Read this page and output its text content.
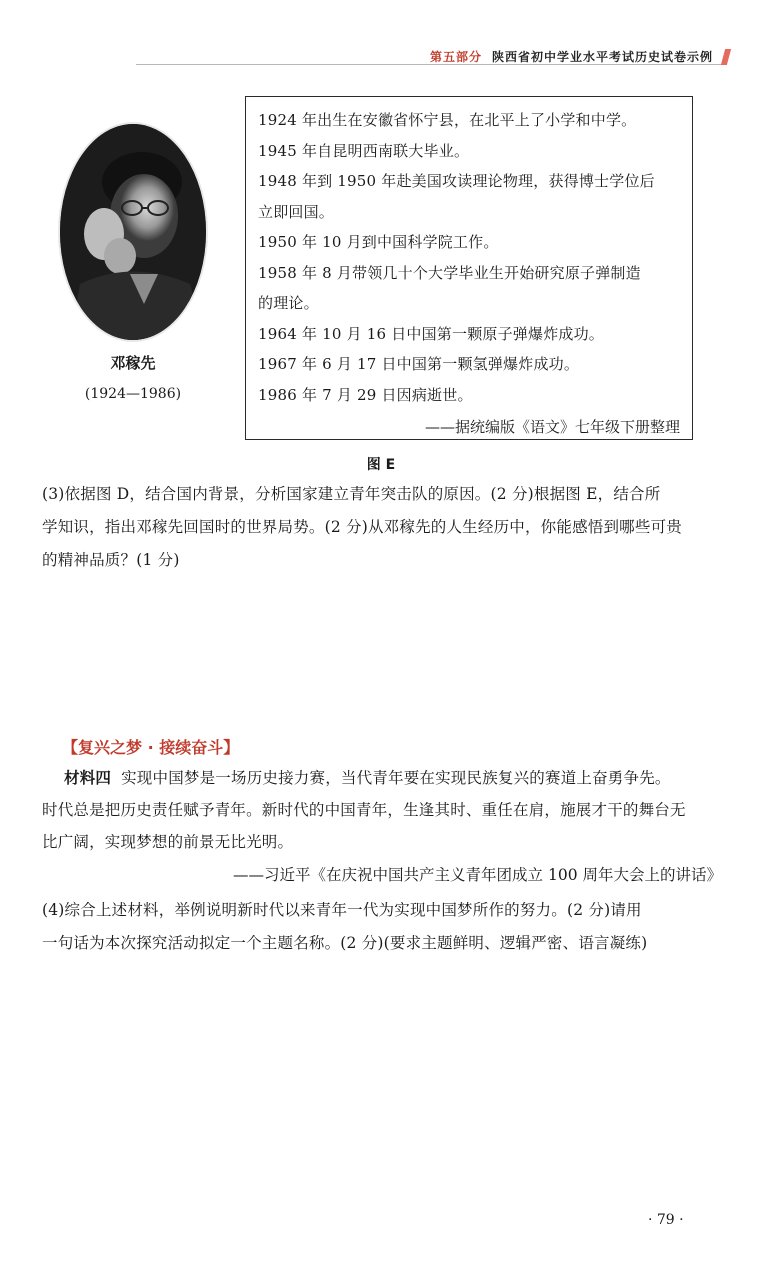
第五部分 陕西省初中学业水平考试历史试卷示例
邓稼先
(1924—1986)
1924 年出生在安徽省怀宁县，在北平上了小学和中学。
1945 年自昆明西南联大毕业。
1948 年到 1950 年赴美国攻读理论物理，获得博士学位后
立即回国。
1950 年 10 月到中国科学院工作。
1958 年 8 月带领几十个大学毕业生开始研究原子弹制造
的理论。
1964 年 10 月 16 日中国第一颗原子弹爆炸成功。
1967 年 6 月 17 日中国第一颗氢弹爆炸成功。
1986 年 7 月 29 日因病逝世。
——据统编版《语文》七年级下册整理
图 E
(3)依据图 D，结合国内背景，分析国家建立青年突击队的原因。(2 分)根据图 E，结合所
学知识，指出邓稼先回国时的世界局势。(2 分)从邓稼先的人生经历中，你能感悟到哪些可贵
的精神品质？(1 分)
【复兴之梦 · 接续奋斗】
材料四 实现中国梦是一场历史接力赛，当代青年要在实现民族复兴的赛道上奋勇争先。
时代总是把历史责任赋予青年。新时代的中国青年，生逢其时、重任在肩，施展才干的舞台无
比广阔，实现梦想的前景无比光明。
——习近平《在庆祝中国共产主义青年团成立 100 周年大会上的讲话》
(4)综合上述材料，举例说明新时代以来青年一代为实现中国梦所作的努力。(2 分)请用
一句话为本次探究活动拟定一个主题名称。(2 分)(要求主题鲜明、逻辑严密、语言凝练)
· 79 ·
